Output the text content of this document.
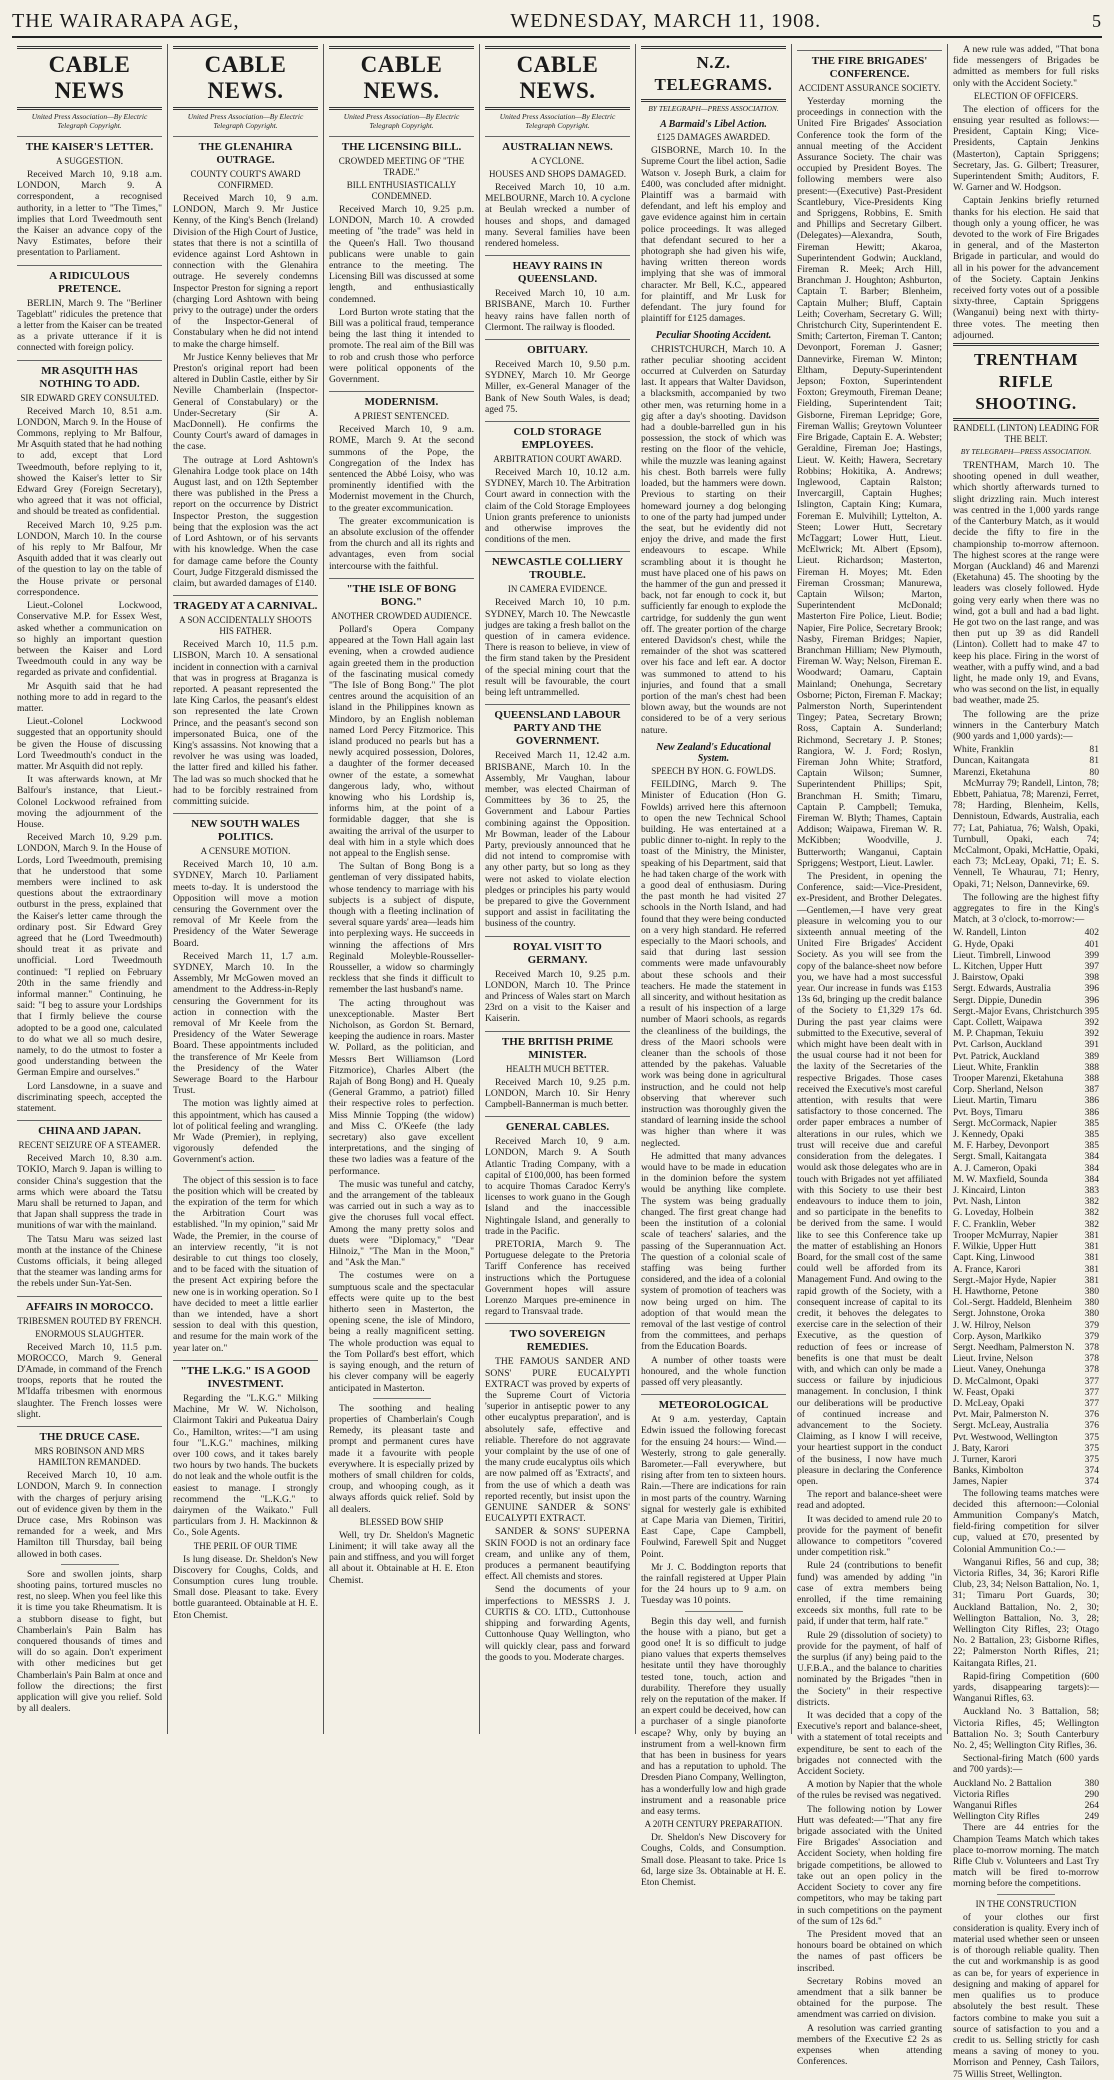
THE WAIRARAPA AGE,	WEDNESDAY, MARCH 11, 1908.	5
CABLE NEWS
United Press Association—By Electric Telegraph Copyright.
THE KAISER'S LETTER.
A SUGGESTION.

Received March 10, 9.18 a.m. LONDON, March 9. A correspondent, a recognised authority, in a letter to "The Times," implies that Lord Tweedmouth sent the Kaiser an advance copy of the Navy Estimates, before their presentation to Parliament.

A RIDICULOUS PRETENCE.

BERLIN, March 9. The "Berliner Tageblatt" ridicules the pretence that a letter from the Kaiser can be treated as a private utterance if it is connected with foreign policy.

MR ASQUITH HAS NOTHING TO ADD.
SIR EDWARD GREY CONSULTED.

Received March 10, 8.51 a.m. LONDON, March 9. In the House of Commons, replying to Mr Balfour, Mr Asquith stated that he had nothing to add, except that Lord Tweedmouth, before replying to it, showed the Kaiser's letter to Sir Edward Grey (Foreign Secretary), who agreed that it was not official, and should be treated as confidential.

Received March 10, 9.25 p.m. LONDON, March 10. In the course of his reply to Mr Balfour, Mr Asquith added that it was clearly out of the question to lay on the table of the House private or personal correspondence.

Lieut.-Colonel Lockwood, Conservative M.P. for Essex West, asked whether a communication on so highly an important question between the Kaiser and Lord Tweedmouth could in any way be regarded as private and confidential.

Mr Asquith said that he had nothing more to add in regard to the matter.

Lieut.-Colonel Lockwood suggested that an opportunity should be given the House of discussing Lord Tweedmouth's conduct in the matter. Mr Asquith did not reply.

It was afterwards known, at Mr Balfour's instance, that Lieut.-Colonel Lockwood refrained from moving the adjournment of the House.

Received March 10, 9.29 p.m. LONDON, March 9. In the House of Lords, Lord Tweedmouth, premising that he understood that some members were inclined to ask questions about the extraordinary outburst in the press, explained that the Kaiser's letter came through the ordinary post. Sir Edward Grey agreed that he (Lord Tweedmouth) should treat it as private and unofficial. Lord Tweedmouth continued: "I replied on February 20th in the same friendly and informal manner." Continuing, he said: "I beg to assure your Lordships that I firmly believe the course adopted to be a good one, calculated to do what we all so much desire, namely, to do the utmost to foster a good understanding between the German Empire and ourselves."

Lord Lansdowne, in a suave and discriminating speech, accepted the statement.

CHINA AND JAPAN.
RECENT SEIZURE OF A STEAMER.

Received March 10, 8.30 a.m. TOKIO, March 9. Japan is willing to consider China's suggestion that the arms which were aboard the Tatsu Maru shall be returned to Japan, and that Japan shall suppress the trade in munitions of war with the mainland.

The Tatsu Maru was seized last month at the instance of the Chinese Customs officials, it being alleged that the steamer was landing arms for the rebels under Sun-Yat-Sen.

AFFAIRS IN MOROCCO.
TRIBESMEN ROUTED BY FRENCH.
ENORMOUS SLAUGHTER.

Received March 10, 11.5 p.m. MOROCCO, March 9. General D'Amade, in command of the French troops, reports that he routed the M'Idaffa tribesmen with enormous slaughter. The French losses were slight.

THE DRUCE CASE.
MRS ROBINSON AND MRS HAMILTON REMANDED.

Received March 10, 10 a.m. LONDON, March 9. In connection with the charges of perjury arising out of evidence given by them in the Druce case, Mrs Robinson was remanded for a week, and Mrs Hamilton till Thursday, bail being allowed in both cases.

Sore and swollen joints, sharp shooting pains, tortured muscles no rest, no sleep. When you feel like this it is time you take Rheumatism. It is a stubborn disease to fight, but Chamberlain's Pain Balm has conquered thousands of times and will do so again. Don't experiment with other medicines but get Chamberlain's Pain Balm at once and follow the directions; the first application will give you relief. Sold by all dealers.

CABLE NEWS.
United Press Association—By Electric Telegraph Copyright.
THE GLENAHIRA OUTRAGE.
COUNTY COURT'S AWARD CONFIRMED.

Received March 10, 9 a.m. LONDON, March 9. Mr Justice Kenny, of the King's Bench (Ireland) Division of the High Court of Justice, states that there is not a scintilla of evidence against Lord Ashtown in connection with the Glenahira outrage. He severely condemns Inspector Preston for signing a report (charging Lord Ashtown with being privy to the outrage) under the orders of the Inspector-General of Constabulary when he did not intend to make the charge himself.

Mr Justice Kenny believes that Mr Preston's original report had been altered in Dublin Castle, either by Sir Neville Chamberlain (Inspector-General of Constabulary) or the Under-Secretary (Sir A. MacDonnell). He confirms the County Court's award of damages in the case.

The outrage at Lord Ashtown's Glenahira Lodge took place on 14th August last, and on 12th September there was published in the Press a report on the occurrence by District Inspector Preston, the suggestion being that the explosion was the act of Lord Ashtown, or of his servants with his knowledge. When the case for damage came before the County Court, Judge Fitzgerald dismissed the claim, but awarded damages of £140.

TRAGEDY AT A CARNIVAL.
A SON ACCIDENTALLY SHOOTS HIS FATHER.

Received March 10, 11.5 p.m. LISBON, March 10. A sensational incident in connection with a carnival that was in progress at Braganza is reported. A peasant represented the late King Carlos, the peasant's eldest son represented the late Crown Prince, and the peasant's second son impersonated Buica, one of the King's assassins. Not knowing that a revolver he was using was loaded, the latter fired and killed his father. The lad was so much shocked that he had to be forcibly restrained from committing suicide.

NEW SOUTH WALES POLITICS.
A CENSURE MOTION.

Received March 10, 10 a.m. SYDNEY, March 10. Parliament meets to-day. It is understood the Opposition will move a motion censuring the Government over the removal of Mr Keele from the Presidency of the Water Sewerage Board.

Received March 11, 1.7 a.m. SYDNEY, March 10. In the Assembly, Mr McGowen moved an amendment to the Address-in-Reply censuring the Government for its action in connection with the removal of Mr Keele from the Presidency of the Water Sewerage Board. These appointments included the transference of Mr Keele from the Presidency of the Water Sewerage Board to the Harbour Trust.

The motion was lightly aimed at this appointment, which has caused a lot of political feeling and wrangling. Mr Wade (Premier), in replying, vigorously defended the Government's action.

The object of this session is to face the position which will be created by the expiration of the term for which the Arbitration Court was established. "In my opinion," said Mr Wade, the Premier, in the course of an interview recently, "it is not desirable to cut things too closely, and to be faced with the situation of the present Act expiring before the new one is in working operation. So I have decided to meet a little earlier than we intended, have a short session to deal with this question, and resume for the main work of the year later on."

"THE L.K.G." IS A GOOD INVESTMENT.

Regarding the "L.K.G." Milking Machine, Mr W. W. Nicholson, Clairmont Takiri and Pukeatua Dairy Co., Hamilton, writes:—"I am using four "L.K.G." machines, milking over 100 cows, and it takes barely two hours by two hands. The buckets do not leak and the whole outfit is the easiest to manage. I strongly recommend the "L.K.G." to dairymen of the Waikato." Full particulars from J. H. Mackinnon & Co., Sole Agents.

THE PERIL OF OUR TIME

Is lung disease. Dr. Sheldon's New Discovery for Coughs, Colds, and Consumption cures lung trouble. Small dose. Pleasant to take. Every bottle guaranteed. Obtainable at H. E. Eton Chemist.

CABLE NEWS.
United Press Association—By Electric Telegraph Copyright.
THE LICENSING BILL.
CROWDED MEETING OF "THE TRADE."
BILL ENTHUSIASTICALLY CONDEMNED.

Received March 10, 9.25 p.m. LONDON, March 10. A crowded meeting of "the trade" was held in the Queen's Hall. Two thousand publicans were unable to gain entrance to the meeting. The Licensing Bill was discussed at some length, and enthusiastically condemned.

Lord Burton wrote stating that the Bill was a political fraud, temperance being the last thing it intended to promote. The real aim of the Bill was to rob and crush those who perforce were political opponents of the Government.

MODERNISM.
A PRIEST SENTENCED.

Received March 10, 9 a.m. ROME, March 9. At the second summons of the Pope, the Congregation of the Index has sentenced the Abbé Loisy, who was prominently identified with the Modernist movement in the Church, to the greater excommunication.

The greater excommunication is an absolute exclusion of the offender from the church and all its rights and advantages, even from social intercourse with the faithful.

"THE ISLE OF BONG BONG."
ANOTHER CROWDED AUDIENCE.

Pollard's Opera Company appeared at the Town Hall again last evening, when a crowded audience again greeted them in the production of the fascinating musical comedy "The Isle of Bong Bong." The plot centres around the acquisition of an island in the Philippines known as Mindoro, by an English nobleman named Lord Percy Fitzmorice. This island produced no pearls but has a newly acquired possession, Dolores, a daughter of the former deceased owner of the estate, a somewhat dangerous lady, who, without knowing who his Lordship is, informs him, at the point of a formidable dagger, that she is awaiting the arrival of the usurper to deal with him in a style which does not appeal to the English sense.

The Sultan of Bong Bong is a gentleman of very dissipated habits, whose tendency to marriage with his subjects is a subject of dispute, though with a fleeting inclination of several square yards' area—leads him into perplexing ways. He succeeds in winning the affections of Mrs Reginald Moleyble-Rousseller-Rousseller, a widow so charmingly reckless that she finds it difficult to remember the last husband's name.

The acting throughout was unexceptionable. Master Bert Nicholson, as Gordon St. Bernard, keeping the audience in roars. Master W. Pollard, as the politician, and Messrs Bert Williamson (Lord Fitzmorice), Charles Albert (the Rajah of Bong Bong) and H. Quealy (General Grammo, a patriot) filled their respective roles to perfection. Miss Minnie Topping (the widow) and Miss C. O'Keefe (the lady secretary) also gave excellent interpretations, and the singing of these two ladies was a feature of the performance.

The music was tuneful and catchy, and the arrangement of the tableaux was carried out in such a way as to give the choruses full vocal effect. Among the many pretty solos and duets were "Diplomacy," "Dear Hilnoiz," "The Man in the Moon," and "Ask the Man."

The costumes were on a sumptuous scale and the spectacular effects were quite up to the best hitherto seen in Masterton, the opening scene, the isle of Mindoro, being a really magnificent setting. The whole production was equal to the Tom Pollard's best effort, which is saying enough, and the return of his clever company will be eagerly anticipated in Masterton.

The soothing and healing properties of Chamberlain's Cough Remedy, its pleasant taste and prompt and permanent cures have made it a favourite with people everywhere. It is especially prized by mothers of small children for colds, croup, and whooping cough, as it always affords quick relief. Sold by all dealers.

BLESSED BOW SHIP

Well, try Dr. Sheldon's Magnetic Liniment; it will take away all the pain and stiffness, and you will forget all about it. Obtainable at H. E. Eton Chemist.

CABLE NEWS.
United Press Association—By Electric Telegraph Copyright.
AUSTRALIAN NEWS.
A CYCLONE.
HOUSES AND SHOPS DAMAGED.

Received March 10, 10 a.m. MELBOURNE, March 10. A cyclone at Beulah wrecked a number of houses and shops, and damaged many. Several families have been rendered homeless.

HEAVY RAINS IN QUEENSLAND.

Received March 10, 10 a.m. BRISBANE, March 10. Further heavy rains have fallen north of Clermont. The railway is flooded.

OBITUARY.

Received March 10, 9.50 p.m. SYDNEY, March 10. Mr George Miller, ex-General Manager of the Bank of New South Wales, is dead; aged 75.

COLD STORAGE EMPLOYEES.
ARBITRATION COURT AWARD.

Received March 10, 10.12 a.m. SYDNEY, March 10. The Arbitration Court award in connection with the claim of the Cold Storage Employees Union grants preference to unionists and otherwise improves the conditions of the men.

NEWCASTLE COLLIERY TROUBLE.
IN CAMERA EVIDENCE.

Received March 10, 10 p.m. SYDNEY, March 10. The Newcastle judges are taking a fresh ballot on the question of in camera evidence. There is reason to believe, in view of the firm stand taken by the President of the special mining court that the result will be favourable, the court being left untrammelled.

QUEENSLAND LABOUR PARTY AND THE GOVERNMENT.

Received March 11, 12.42 a.m. BRISBANE, March 10. In the Assembly, Mr Vaughan, labour member, was elected Chairman of Committees by 36 to 25, the Government and Labour Parties combining against the Opposition. Mr Bowman, leader of the Labour Party, previously announced that he did not intend to compromise with any other party, but so long as they were not asked to violate election pledges or principles his party would be prepared to give the Government support and assist in facilitating the business of the country.

ROYAL VISIT TO GERMANY.

Received March 10, 9.25 p.m. LONDON, March 10. The Prince and Princess of Wales start on March 23rd on a visit to the Kaiser and Kaiserin.

THE BRITISH PRIME MINISTER.
HEALTH MUCH BETTER.

Received March 10, 9.25 p.m. LONDON, March 10. Sir Henry Campbell-Bannerman is much better.

GENERAL CABLES.

Received March 10, 9 a.m. LONDON, March 9. A South Atlantic Trading Company, with a capital of £100,000, has been formed to acquire Thomas Caradoc Kerry's licenses to work guano in the Gough Island and the inaccessible Nightingale Island, and generally to trade in the Pacific.

PRETORIA, March 9. The Portuguese delegate to the Pretoria Tariff Conference has received instructions which the Portuguese Government hopes will assure Lorenzo Marques pre-eminence in regard to Transvaal trade.

TWO SOVEREIGN REMEDIES.

THE FAMOUS SANDER AND SONS' PURE EUCALYPTI EXTRACT was proved by experts of the Supreme Court of Victoria 'superior in antiseptic power to any other eucalyptus preparation', and is absolutely safe, effective and reliable. Therefore do not aggravate your complaint by the use of one of the many crude eucalyptus oils which are now palmed off as 'Extracts', and from the use of which a death was reported recently, but insist upon the GENUINE SANDER & SONS' EUCALYPTI EXTRACT.

SANDER & SONS' SUPERNA SKIN FOOD is not an ordinary face cream, and unlike any of them, produces a permanent beautifying effect. All chemists and stores.

Send the documents of your imperfections to MESSRS J. J. CURTIS & CO. LTD., Cuttonhouse shipping and forwarding Agents, Cuttonhouse Quay Wellington, who will quickly clear, pass and forward the goods to you. Moderate charges.

N.Z. TELEGRAMS.
BY TELEGRAPH—PRESS ASSOCIATION.
A Barmaid's Libel Action.
£125 DAMAGES AWARDED.

GISBORNE, March 10. In the Supreme Court the libel action, Sadie Watson v. Joseph Burk, a claim for £400, was concluded after midnight. Plaintiff was a barmaid with defendant, and left his employ and gave evidence against him in certain police proceedings. It was alleged that defendant secured to her a photograph she had given his wife, having written thereon words implying that she was of immoral character. Mr Bell, K.C., appeared for plaintiff, and Mr Lusk for defendant. The jury found for plaintiff for £125 damages.

Peculiar Shooting Accident.

CHRISTCHURCH, March 10. A rather peculiar shooting accident occurred at Culverden on Saturday last. It appears that Walter Davidson, a blacksmith, accompanied by two other men, was returning home in a gig after a day's shooting. Davidson had a double-barrelled gun in his possession, the stock of which was resting on the floor of the vehicle, while the muzzle was leaning against his chest. Both barrels were fully loaded, but the hammers were down. Previous to starting on their homeward journey a dog belonging to one of the party had jumped under the seat, but he evidently did not enjoy the drive, and made the first endeavours to escape. While scrambling about it is thought he must have placed one of his paws on the hammer of the gun and pressed it back, not far enough to cock it, but sufficiently far enough to explode the cartridge, for suddenly the gun went off. The greater portion of the charge entered Davidson's chest, while the remainder of the shot was scattered over his face and left ear. A doctor was summoned to attend to his injuries, and found that a small portion of the man's chest had been blown away, but the wounds are not considered to be of a very serious nature.

New Zealand's Educational System.
SPEECH BY HON. G. FOWLDS.

FEILDING, March 9. The Minister of Education (Hon G. Fowlds) arrived here this afternoon to open the new Technical School building. He was entertained at a public dinner to-night. In reply to the toast of the Ministry, the Minister, speaking of his Department, said that he had taken charge of the work with a good deal of enthusiasm. During the past month he had visited 27 schools in the North Island, and had found that they were being conducted on a very high standard. He referred especially to the Maori schools, and said that during last session comments were made unfavourably about these schools and their teachers. He made the statement in all sincerity, and without hesitation as a result of his inspection of a large number of Maori schools, as regards the cleanliness of the buildings, the dress of the Maori schools were cleaner than the schools of those attended by the pakehas. Valuable work was being done in agricultural instruction, and he could not help observing that wherever such instruction was thoroughly given the standard of learning inside the school was higher than where it was neglected.

He admitted that many advances would have to be made in education in the dominion before the system would be anything like complete. The system was being gradually changed. The first great change had been the institution of a colonial scale of teachers' salaries, and the passing of the Superannuation Act. The question of a colonial scale of staffing was being further considered, and the idea of a colonial system of promotion of teachers was now being urged on him. The adoption of that would mean the removal of the last vestige of control from the committees, and perhaps from the Education Boards.

A number of other toasts were honoured, and the whole function passed off very pleasantly.

METEOROLOGICAL

At 9 a.m. yesterday, Captain Edwin issued the following forecast for the ensuing 24 hours:— Wind.—Westerly, strong to gale generally. Barometer.—Fall everywhere, but rising after from ten to sixteen hours. Rain.—There are indications for rain in most parts of the country. Warning signal for westerly gale is exhibited at Cape Maria van Diemen, Tiritiri, East Cape, Cape Campbell, Foulwind, Farewell Spit and Nugget Point.

Mr J. C. Boddington reports that the rainfall registered at Upper Plain for the 24 hours up to 9 a.m. on Tuesday was 10 points.

Begin this day well, and furnish the house with a piano, but get a good one! It is so difficult to judge piano values that experts themselves hesitate until they have thoroughly tested tone, touch, action and durability. Therefore they usually rely on the reputation of the maker. If an expert could be deceived, how can a purchaser of a single pianoforte escape? Why, only by buying an instrument from a well-known firm that has been in business for years and has a reputation to uphold. The Dresden Piano Company, Wellington, has a wonderfully low and high grade instrument and a reasonable price and easy terms.

A 20TH CENTURY PREPARATION.

Dr. Sheldon's New Discovery for Coughs, Colds, and Consumption. Small dose. Pleasant to take. Price 1s 6d, large size 3s. Obtainable at H. E. Eton Chemist.

THE FIRE BRIGADES' CONFERENCE.
ACCIDENT ASSURANCE SOCIETY.

Yesterday morning the proceedings in connection with the United Fire Brigades' Association Conference took the form of the annual meeting of the Accident Assurance Society. The chair was occupied by President Boyes. The following members were also present:—(Executive) Past-President Scantlebury, Vice-Presidents King and Spriggens, Robbins, E. Smith and Phillips and Secretary Gilbert. (Delegates)—Alexandra, South, Fireman Hewitt; Akaroa, Superintendent Godwin; Auckland, Fireman R. Meek; Arch Hill, Branchman J. Houghton; Ashburton, Captain T. Barber; Blenheim, Captain Mulher; Bluff, Captain Leith; Coverham, Secretary G. Will; Christchurch City, Superintendent E. Smith; Carterton, Fireman T. Canton; Devonport, Foreman J. Gasner; Dannevirke, Fireman W. Minton; Eltham, Deputy-Superintendent Jepson; Foxton, Superintendent Foxton; Greymouth, Fireman Deane; Fielding, Superintendent Tait; Gisborne, Fireman Lepridge; Gore, Fireman Wallis; Greytown Volunteer Fire Brigade, Captain E. A. Webster; Geraldine, Fireman Joe; Hastings, Lieut. W. Keith; Hawera, Secretary Robbins; Hokitika, A. Andrews; Inglewood, Captain Ralston; Invercargill, Captain Hughes; Islington, Captain King; Kumara, Foreman E. Mulvihill; Lyttelton, A. Steen; Lower Hutt, Secretary McTaggart; Lower Hutt, Lieut. McElwrick; Mt. Albert (Epsom), Lieut. Richardson; Masterton, Fireman H. Moyes; Mt. Eden Fireman Crossman; Manurewa, Captain Wilson; Marton, Superintendent McDonald; Masterton Fire Police, Lieut. Bodie; Napier, Fire Police, Secretary Brook; Nasby, Fireman Bridges; Napier, Branchman Hilliam; New Plymouth, Fireman W. Way; Nelson, Fireman E. Woodward; Oamaru, Captain Mainland; Onehunga, Secretary Osborne; Picton, Fireman F. Mackay; Palmerston North, Superintendent Tingey; Patea, Secretary Brown; Ross, Captain A. Sunderland; Richmond, Secretary J. P. Stones; Rangiora, W. J. Ford; Roslyn, Fireman John White; Stratford, Captain Wilson; Sumner, Superintendent Phillips; Spit, Branchman H. Smith; Timaru, Captain P. Campbell; Temuka, Fireman W. Blyth; Thames, Captain Addison; Waipawa, Fireman W. R. McKibben; Woodville, J. Butterworth; Wanganui, Captain Spriggens; Westport, Lieut. Lawler.

The President, in opening the Conference, said:—Vice-President, ex-President, and Brother Delegates.—Gentlemen,—I have very great pleasure in welcoming you to our sixteenth annual meeting of the United Fire Brigades' Accident Society. As you will see from the copy of the balance-sheet now before you, we have had a most successful year. Our increase in funds was £153 13s 6d, bringing up the credit balance of the Society to £1,329 17s 6d. During the past year claims were submitted to the Executive, several of which might have been dealt with in the usual course had it not been for the laxity of the Secretaries of the respective Brigades. Those cases received the Executive's most careful attention, with results that were satisfactory to those concerned. The order paper embraces a number of alterations in our rules, which we trust will receive due and careful consideration from the delegates. I would ask those delegates who are in touch with Brigades not yet affiliated with this Society to use their best endeavours to induce them to join, and so participate in the benefits to be derived from the same. I would like to see this Conference take up the matter of establishing an Honors Board, for the small cost of the same could well be afforded from its Management Fund. And owing to the rapid growth of the Society, with a consequent increase of capital to its credit, it behoves the delegates to exercise care in the selection of their Executive, as the question of reduction of fees or increase of benefits is one that must be dealt with, and which can only be made a success or failure by injudicious management. In conclusion, I think our deliberations will be productive of continued increase and advancement to the Society. Claiming, as I know I will receive, your heartiest support in the conduct of the business, I now have much pleasure in declaring the Conference open.

The report and balance-sheet were read and adopted.

It was decided to amend rule 20 to provide for the payment of benefit allowance to competitors "covered under competition risk."

Rule 24 (contributions to benefit fund) was amended by adding "in case of extra members being enrolled, if the time remaining exceeds six months, full rate to be paid, if under that term, half rate."

Rule 29 (dissolution of society) to provide for the payment, of half of the surplus (if any) being paid to the U.F.B.A., and the balance to charities nominated by the Brigades "then in the Society" in their respective districts.

It was decided that a copy of the Executive's report and balance-sheet, with a statement of total receipts and expenditure, be sent to each of the brigades not connected with the Accident Society.

A motion by Napier that the whole of the rules be revised was negatived.

The following notion by Lower Hutt was defeated:—"That any fire brigade associated with the United Fire Brigades' Association and Accident Society, when holding fire brigade competitions, be allowed to take out an open policy in the Accident Society to cover any fire competitors, who may be taking part in such competitions on the payment of the sum of 12s 6d."

The President moved that an honours board be obtained on which the names of past officers be inscribed.

Secretary Robins moved an amendment that a silk banner be obtained for the purpose. The amendment was carried on division.

A resolution was carried granting members of the Executive £2 2s as expenses when attending Conferences.

A new rule was added, "That bona fide messengers of Brigades be admitted as members for full risks only with the Accident Society."

ELECTION OF OFFICERS.

The election of officers for the ensuing year resulted as follows:—President, Captain King; Vice-Presidents, Captain Jenkins (Masterton), Captain Spriggens; Secretary, Jas. G. Gilbert; Treasurer, Superintendent Smith; Auditors, F. W. Garner and W. Hodgson.

Captain Jenkins briefly returned thanks for his election. He said that though only a young officer, he was devoted to the work of Fire Brigades in general, and of the Masterton Brigade in particular, and would do all in his power for the advancement of the Society. Captain Jenkins received forty votes out of a possible sixty-three, Captain Spriggens (Wanganui) being next with thirty-three votes. The meeting then adjourned.

TRENTHAM RIFLE SHOOTING.
RANDELL (LINTON) LEADING FOR THE BELT.
BY TELEGRAPH—PRESS ASSOCIATION.

TRENTHAM, March 10. The shooting opened in dull weather, which shortly afterwards turned to slight drizzling rain. Much interest was centred in the 1,000 yards range of the Canterbury Match, as it would decide the fifty to fire in the championship to-morrow afternoon. The highest scores at the range were Morgan (Auckland) 46 and Marenzi (Eketahuna) 45. The shooting by the leaders was closely followed. Hyde going very early when there was no wind, got a bull and had a bad light. He got two on the last range, and was then put up 39 as did Randell (Linton). Collett had to make 47 to keep his place. Firing in the worst of weather, with a puffy wind, and a bad light, he made only 19, and Evans, who was second on the list, in equally bad weather, made 25.

The following are the prize winners in the Canterbury Match (900 yards and 1,000 yards):—

White, Franklin	81
Duncan, Kaitangata	81
Marenzi, Eketahuna	80

McMurray 79; Randell, Linton, 78; Ebbett, Pahiatua, 78; Marenzi, Ferret, 78; Harding, Blenheim, Kells, Dennistoun, Edwards, Australia, each 77; Lat, Pahiatua, 76; Walsh, Opaki, Turnbull, Opaki, each 74; McCalmont, Opaki, McHattie, Opaki, each 73; McLeay, Opaki, 71; E. S. Vennell, Te Whaurau, 71; Henry, Opaki, 71; Nelson, Dannevirke, 69.

The following are the highest fifty aggregates to fire in the King's Match, at 3 o'clock, to-morrow:—

W. Randell, Linton	402
G. Hyde, Opaki	401
Lieut. Timbrell, Linwood	399
L. Kitchen, Upper Hutt	397
J. Bairstow, Opaki	398
Sergt. Edwards, Australia	396
Sergt. Dippie, Dunedin	396
Sergt.-Major Evans, Christchurch 395
Capt. Collett, Waipawa	392
M. P. Chapman, Tekuiu	392
Pvt. Carlson, Auckland	391
Pvt. Patrick, Auckland	389
Lieut. White, Franklin	388
Trooper Marenzi, Eketahuna 388
Corp. Sherland, Nelson	387
Lieut. Martin, Timaru	386
Pvt. Boys, Timaru	386
Sergt. McCormack, Napier	385
J. Kennedy, Opaki	385
M. F. Harbey, Devonport	385
Sergt. Small, Kaitangata	384
A. J. Cameron, Opaki	384
M. W. Maxfield, Sounda	384
J. Kincaird, Linton	383
Pvt. Nash, Linton	382
G. Loveday, Holbein	382
F. C. Franklin, Weber	382
Trooper McMurray, Napier	381
F. Wilkie, Upper Hutt	381
Capt. King, Linwood	381
A. France, Karori	381
Sergt.-Major Hyde, Napier	381
H. Hawthorne, Petone	380
Col.-Sergt. Haddeld, Blenheim 380
Sergt. Johnstone, Oroka	380
J. W. Hilroy, Nelson	379
Corp. Ayson, Marlkiko	379
Sergt. Needham, Palmerston N. 378
Lieut. Irvine, Nelson	378
Lieut. Vaney, Onehunga	378
D. McCalmont, Opaki	377
W. Feast, Opaki	377
D. McLeay, Opaki	377
Pvt. Mair, Palmerston N.	376
Sergt. McLeay, Australia	376
Pvt. Westwood, Wellington	375
J. Baty, Karori	375
J. Turner, Karori	375
Banks, Kimbolton	374
James, Napier	374

The following teams matches were decided this afternoon:—Colonial Ammunition Company's Match, field-firing competition for silver cup, valued at £70, presented by Colonial Ammunition Co.:—

Wanganui Rifles, 56 and cup, 38; Victoria Rifles, 34, 36; Karori Rifle Club, 23, 34; Nelson Battalion, No. 1, 31; Timaru Port Guards, 30; Auckland Battalion, No. 2, 30; Wellington Battalion, No. 3, 28; Wellington City Rifles, 23; Otago No. 2 Battalion, 23; Gisborne Rifles, 22; Palmerston North Rifles, 21; Kaitangata Rifles, 21.

Rapid-firing Competition (600 yards, disappearing targets):—Wanganui Rifles, 63.

Auckland No. 3 Battalion, 58; Victoria Rifles, 45; Wellington Battalion No. 3; South Canterbury No. 2, 45; Wellington City Rifles, 36.

Sectional-firing Match (600 yards and 700 yards):—

Auckland No. 2 Battalion	380
Victoria Rifles	290
Wanganui Rifles	264
Wellington City Rifles	249

There are 44 entries for the Champion Teams Match which takes place to-morrow morning. The match Rifle Club v. Volunteers and Last Try match will be fired to-morrow morning before the competitions.

IN THE CONSTRUCTION

of your clothes our first consideration is quality. Every inch of material used whether seen or unseen is of thorough reliable quality. Then the cut and workmanship is as good as can be, for years of experience in designing and making of apparel for men qualifies us to produce absolutely the best result. These factors combine to make you suit a source of satisfaction to you and a credit to us. Selling strictly for cash means a saving of money to you. Morrison and Penney, Cash Tailors, 75 Willis Street, Wellington.
